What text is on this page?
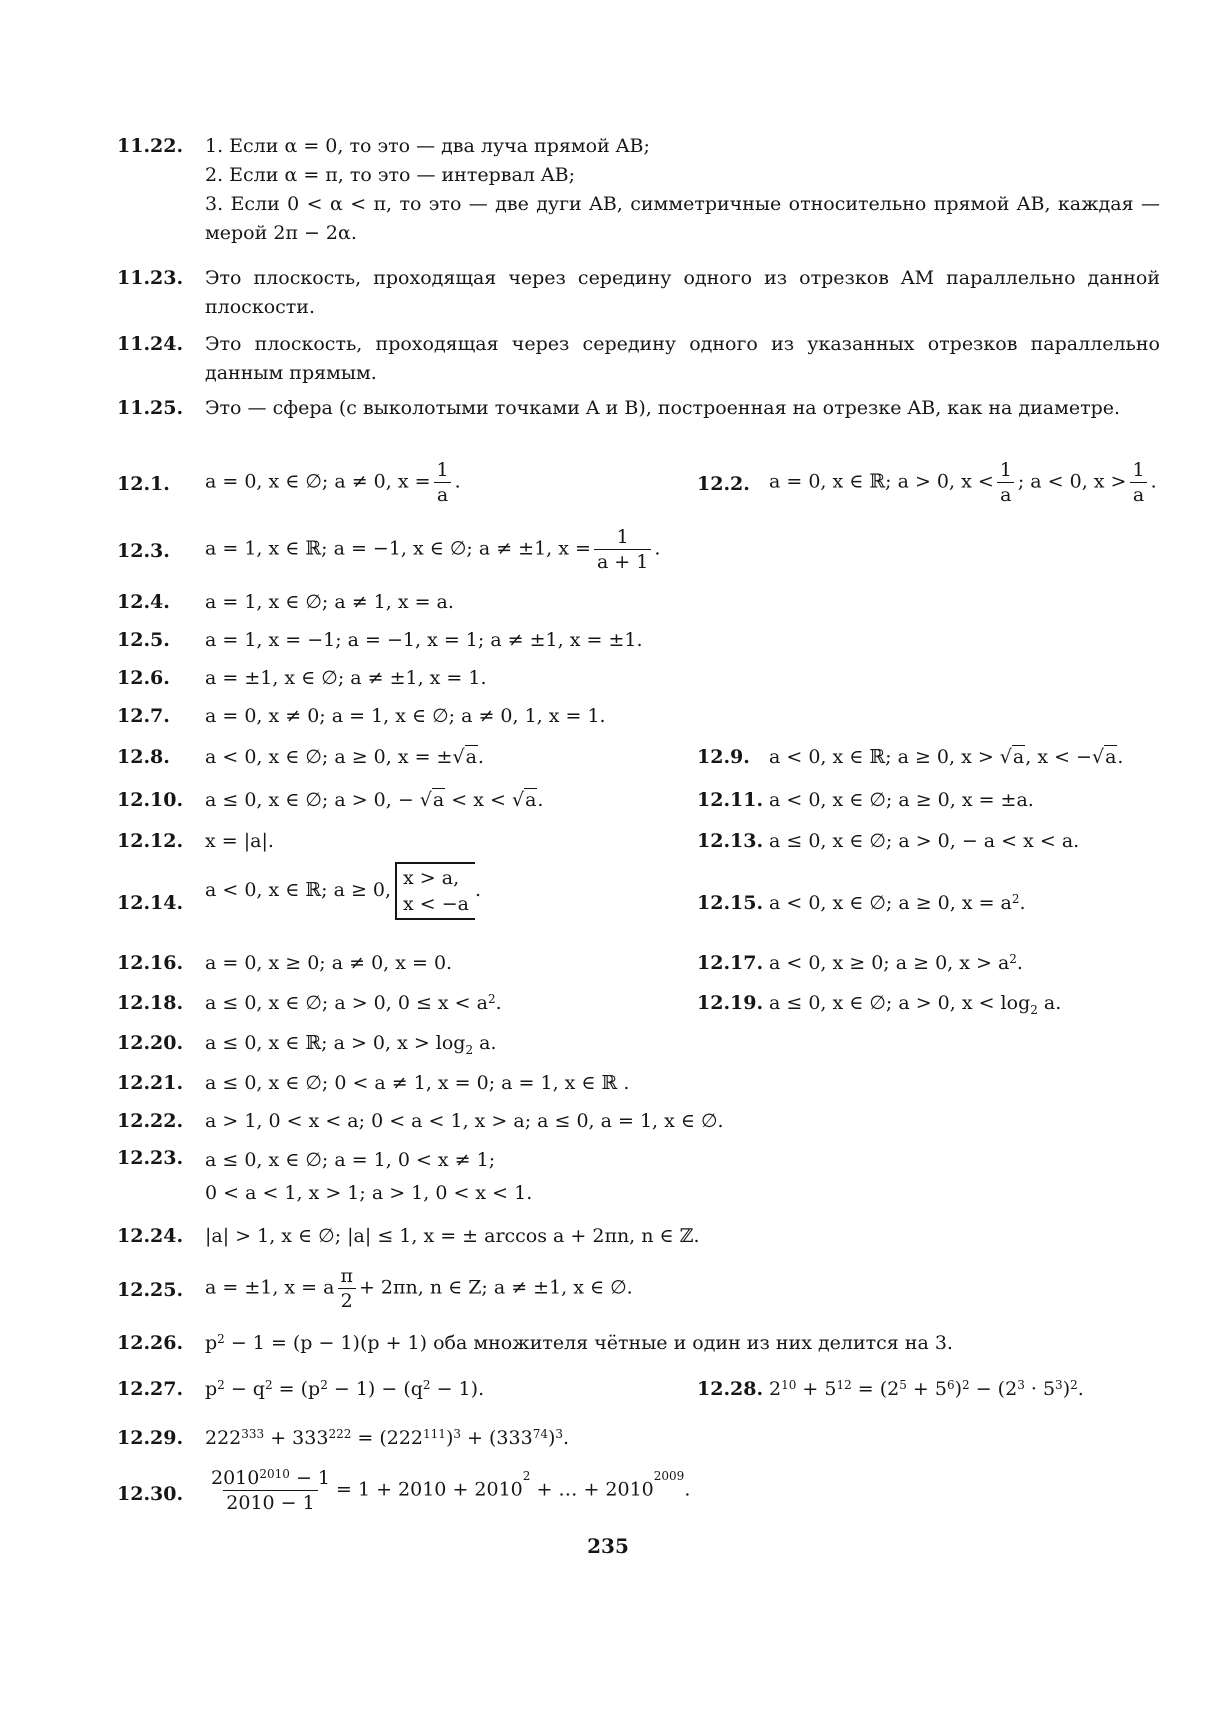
11.22. 1. Если α = 0, то это — два луча прямой AB;
2. Если α = π, то это — интервал AB;
3. Если 0 < α < π, то это — две дуги AB, симметричные относительно прямой AB, каждая — мерой 2π − 2α.
11.23. Это плоскость, проходящая через середину одного из отрезков AM параллельно данной плоскости.
11.24. Это плоскость, проходящая через середину одного из указанных отрезков параллельно данным прямым.
11.25. Это — сфера (с выколотыми точками A и B), построенная на отрезке AB, как на диаметре.
12.1. a = 0, x ∈ ∅; a ≠ 0, $x = \frac{1}{a}$ .	12.2. a = 0, x ∈ ℝ; a > 0, $x < \frac{1}{a}$ ; a < 0, $x > \frac{1}{a}$ .
12.3. a = 1, x ∈ ℝ; a = −1, x ∈ ∅; a ≠ ±1, $x = \frac{1}{a + 1}$ .
12.4. a = 1, x ∈ ∅; a ≠ 1, x = a.
12.5. a = 1, x = −1; a = −1, x = 1; a ≠ ±1, x = ±1.
12.6. a = ±1, x ∈ ∅; a ≠ ±1, x = 1.
12.7. a = 0, x ≠ 0; a = 1, x ∈ ∅; a ≠ 0, 1, x = 1.
12.8. a < 0, x ∈ ∅; a ≥ 0, x = ±√a.	12.9. a < 0, x ∈ ℝ; a ≥ 0, x > √a, x < −√a.
12.10. a ≤ 0, x ∈ ∅; a > 0, − √a < x < √a.	12.11. a < 0, x ∈ ∅; a ≥ 0, x = ±a.
12.12. x = |a|.	12.13. a ≤ 0, x ∈ ∅; a > 0, − a < x < a.
12.14.
a < 0, x ∈ ℝ; a ≥ 0,
x > a,
x < −a
.
12.15. a < 0, x ∈ ∅; a ≥ 0, $x = a^2$.
12.16. a = 0, x ≥ 0; a ≠ 0, x = 0.	12.17. a < 0, x ≥ 0; a ≥ 0, $x > a^2$.
12.18. a ≤ 0, x ∈ ∅; a > 0, $0 \le x < a^2$.	12.19. a ≤ 0, x ∈ ∅; a > 0, $x < \log_2 a$.
12.20. a ≤ 0, x ∈ ℝ; a > 0, $x > \log_2 a$.
12.21. a ≤ 0, x ∈ ∅; 0 < a ≠ 1, x = 0; a = 1, x ∈ ℝ .
12.22. a > 1, 0 < x < a; 0 < a < 1, x > a; a ≤ 0, a = 1, x ∈ ∅.
12.23. a ≤ 0, x ∈ ∅; a = 1, 0 < x ≠ 1;
0 < a < 1, x > 1; a > 1, 0 < x < 1.
12.24. |a| > 1, x ∈ ∅; |a| ≤ 1, x = ± arccos a + 2πn, n ∈ ℤ.
12.25. a = ±1, x = a $\frac{\pi}{2} + 2\pi n$, n ∈ Z; a ≠ ±1, x ∈ ∅.
12.26. $p^2 - 1 = (p - 1)(p + 1)$ оба множителя чётные и один из них делится на 3.
12.27. $p^2 - q^2 = (p^2 - 1) - (q^2 - 1)$.	12.28. $2^{10} + 5^{12} = (2^5 + 5^6)^2 - (2^3 \cdot 5^3)^2$.
12.29. $222^{333} + 333^{222} = (222^{111})^3 + (333^{74})^3$.
12.30. $\frac{2010^{2010} - 1}{2010 - 1} = 1 + 2010 + 2010^2$ + … + $2010^{2009}$.
235
